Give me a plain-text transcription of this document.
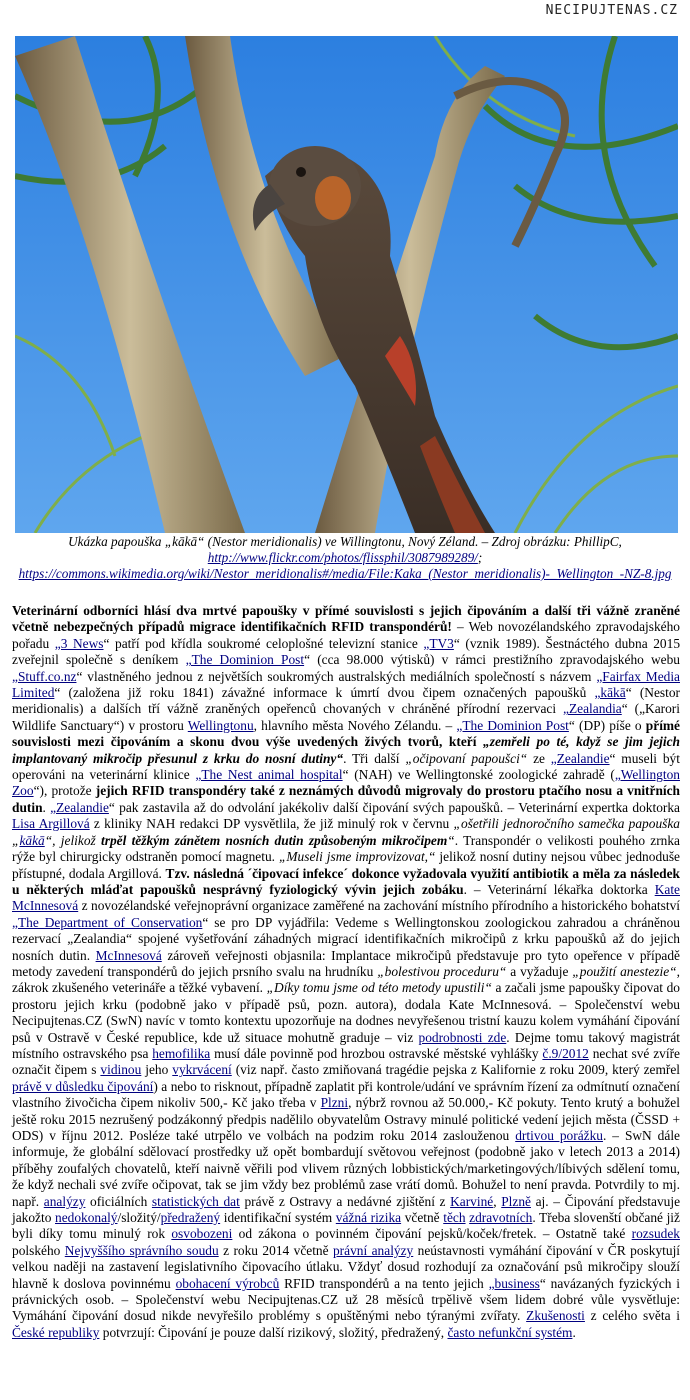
NECIPUJTENAS.CZ
Ukázka papouška „kākā“ (Nestor meridionalis) ve Willingtonu, Nový Zéland. – Zdroj obrázku: PhillipC,
http://www.flickr.com/photos/flissphil/3087989289/;
https://commons.wikimedia.org/wiki/Nestor_meridionalis#/media/File:Kaka_(Nestor_meridionalis)-_Wellington_-NZ-8.jpg
Veterinární odborníci hlásí dva mrtvé papoušky v přímé souvislosti s jejich čipováním a další tři vážně zraněné včetně nebezpečných případů migrace identifikačních RFID transpondérů! – Web novozélandského zpravodajského pořadu „3 News“ patří pod křídla soukromé celoplošné televizní stanice „TV3“ (vznik 1989). Šestnáctého dubna 2015 zveřejnil společně s deníkem „The Dominion Post“ (cca 98.000 výtisků) v rámci prestižního zpravodajského webu „Stuff.co.nz“ vlastněného jednou z největších soukromých australských mediálních společností s názvem „Fairfax Media Limited“ (založena již roku 1841) závažné informace k úmrtí dvou čipem označených papoušků „kākā“ (Nestor meridionalis) a dalších tří vážně zraněných opeřenců chovaných v chráněné přírodní rezervaci „Zealandia“ („Karori Wildlife Sanctuary“) v prostoru Wellingtonu, hlavního města Nového Zélandu. – „The Dominion Post“ (DP) píše o přímé souvislosti mezi čipováním a skonu dvou výše uvedených živých tvorů, kteří „zemřeli po té, když se jim jejich implantovaný mikročip přesunul z krku do nosní dutiny“. Tři další „očipovaní papoušci“ ze „Zealandie“ museli být operováni na veterinární klinice „The Nest animal hospital“ (NAH) ve Wellingtonské zoologické zahradě („Wellington Zoo“), protože jejich RFID transpondéry také z neznámých důvodů migrovaly do prostoru ptačího nosu a vnitřních dutin. „Zealandie“ pak zastavila až do odvolání jakékoliv další čipování svých papoušků. – Veterinární expertka doktorka Lisa Argillová z kliniky NAH redakci DP vysvětlila, že již minulý rok v červnu „ošetřili jednoročního samečka papouška „kākā“, jelikož trpěl těžkým zánětem nosních dutin způsobeným mikročipem“. Transpondér o velikosti pouhého zrnka rýže byl chirurgicky odstraněn pomocí magnetu. „Museli jsme improvizovat,“ jelikož nosní dutiny nejsou vůbec jednoduše přístupné, dodala Argillová. Tzv. následná ´čipovací infekce´ dokonce vyžadovala využití antibiotik a měla za následek u některých mláďat papoušků nesprávný fyziologický vývin jejich zobáku. – Veterinární lékařka doktorka Kate McInnesová z novozélandské veřejnoprávní organizace zaměřené na zachování místního přírodního a historického bohatství „The Department of Conservation“ se pro DP vyjádřila: Vedeme s Wellingtonskou zoologickou zahradou a chráněnou rezervací „Zealandia“ spojené vyšetřování záhadných migrací identifikačních mikročipů z krku papoušků až do jejich nosních dutin. McInnesová zároveň veřejnosti objasnila: Implantace mikročipů představuje pro tyto opeřence v případě metody zavedení transpondérů do jejich prsního svalu na hrudníku „bolestivou proceduru“ a vyžaduje „použití anestezie“, zákrok zkušeného veterináře a těžké vybavení. „Díky tomu jsme od této metody upustili“ a začali jsme papoušky čipovat do prostoru jejich krku (podobně jako v případě psů, pozn. autora), dodala Kate McInnesová. – Společenství webu Necipujtenas.CZ (SwN) navíc v tomto kontextu upozorňuje na dodnes nevyřešenou tristní kauzu kolem vymáhání čipování psů v Ostravě v České republice, kde už situace mohutně graduje – viz podrobnosti zde. Dejme tomu takový magistrát místního ostravského psa hemofilika musí dále povinně pod hrozbou ostravské městské vyhlášky č.9/2012 nechat své zvíře označit čipem s vidinou jeho vykrvácení (viz např. často zmiňovaná tragédie pejska z Kalifornie z roku 2009, který zemřel právě v důsledku čipování) a nebo to risknout, případně zaplatit při kontrole/udání ve správním řízení za odmítnutí označení vlastního živočicha čipem nikoliv 500,- Kč jako třeba v Plzni, nýbrž rovnou až 50.000,- Kč pokuty. Tento krutý a bohužel ještě roku 2015 nezrušený podzákonný předpis nadělilo obyvatelům Ostravy minulé politické vedení jejich města (ČSSD + ODS) v říjnu 2012. Posléze také utrpělo ve volbách na podzim roku 2014 zaslouženou drtivou porážku. – SwN dále informuje, že globální sdělovací prostředky už opět bombardují světovou veřejnost (podobně jako v letech 2013 a 2014) příběhy zoufalých chovatelů, kteří naivně věřili pod vlivem různých lobbistických/marketingových/líbivých sdělení tomu, že když nechali své zvíře očipovat, tak se jim vždy bez problémů zase vrátí domů. Bohužel to není pravda. Potvrdily to mj. např. analýzy oficiálních statistických dat právě z Ostravy a nedávné zjištění z Karviné, Plzně aj. – Čipování představuje jakožto nedokonalý/složitý/předražený identifikační systém vážná rizika včetně těch zdravotních. Třeba slovenští občané již byli díky tomu minulý rok osvobozeni od zákona o povinném čipování pejsků/koček/fretek. – Ostatně také rozsudek polského Nejvyššího správního soudu z roku 2014 včetně právní analýzy neústavnosti vymáhání čipování v ČR poskytují velkou naději na zastavení legislativního čipovacího útlaku. Vždyť dosud rozhodují za označování psů mikročipy slouží hlavně k doslova povinnému obohacení výrobců RFID transpondérů a na tento jejich „business“ navázaných fyzických i právnických osob. – Společenství webu Necipujtenas.CZ už 28 měsíců trpělivě všem lidem dobré vůle vysvětluje: Vymáhání čipování dosud nikde nevyřešilo problémy s opuštěnými nebo týranými zvířaty. Zkušenosti z celého světa i České republiky potvrzují: Čipování je pouze další rizikový, složitý, předražený, často nefunkční systém.
